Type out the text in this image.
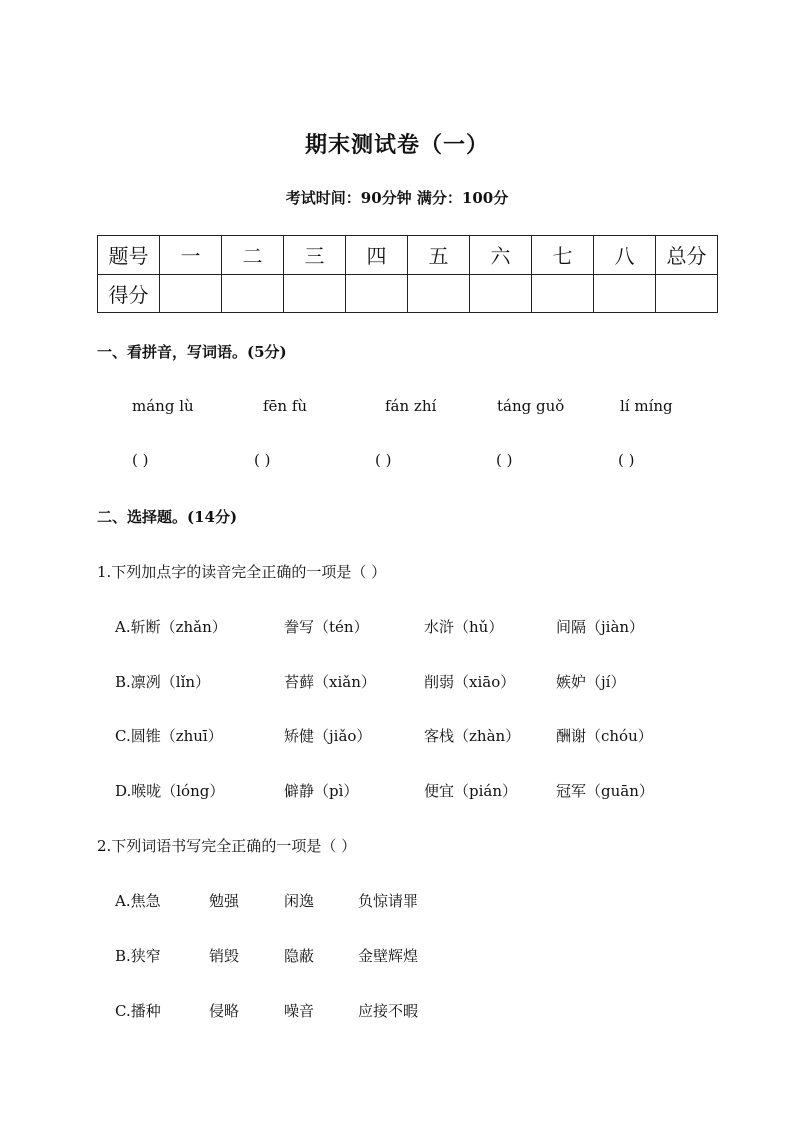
期末测试卷（一）
考试时间：90分钟 满分：100分
题号	一	二	三	四	五	六	七	八	总分
得分									
一、看拼音，写词语。(5分)
máng lù	fēn fù	fán zhí	táng guǒ	lí míng
( )	( )	( )	( )	( )
二、选择题。(14分)
1.下列加点字的读音完全正确的一项是（ ）
A.斩断（zhǎn）	誊写（tén）	水浒（hǔ）	间隔（jiàn）
B.凛冽（lǐn）	苔藓（xiǎn）	削弱（xiāo）	嫉妒（jí）
C.圆锥（zhuī）	矫健（jiǎo）	客栈（zhàn） 酬谢（chóu）
D.喉咙（lóng）	僻静（pì）	便宜（pián）	冠军（guān）
2.下列词语书写完全正确的一项是（ ）
A.焦急	勉强	闲逸	负惊请罪
B.狭窄	销毁	隐蔽	金壁辉煌
C.播种	侵略	噪音	应接不暇
